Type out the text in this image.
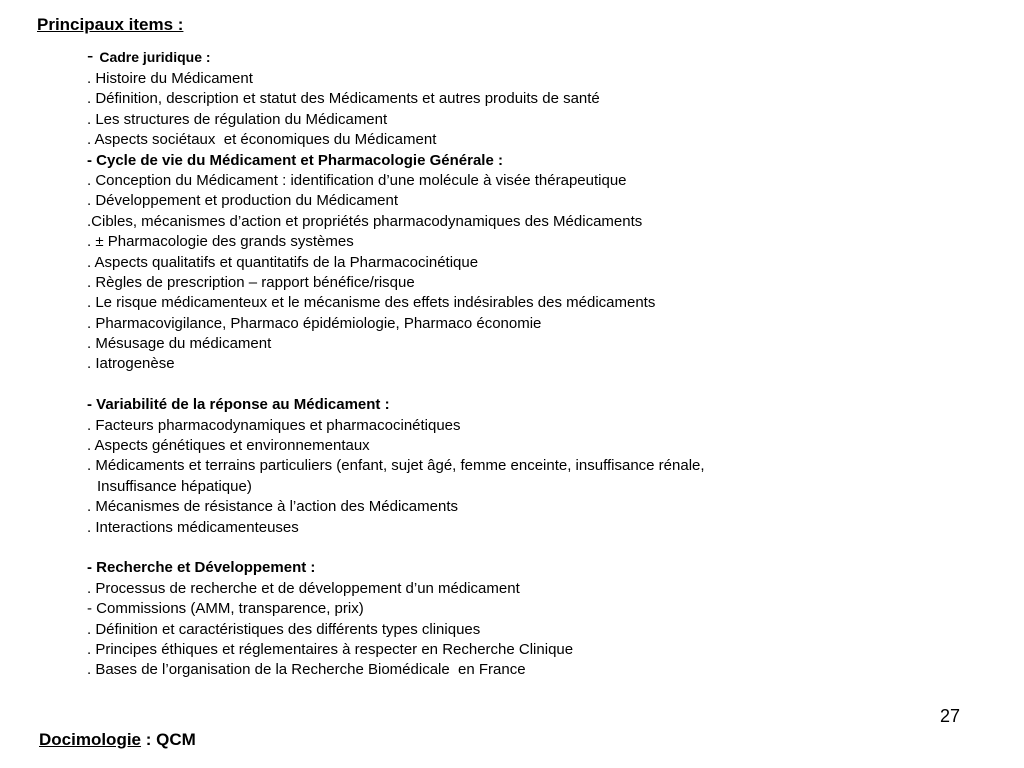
Principaux items :
- Cadre juridique :
. Histoire du Médicament
. Définition, description et statut des Médicaments et autres produits de santé
. Les structures de régulation du Médicament
. Aspects sociétaux  et économiques du Médicament
- Cycle de vie du Médicament et Pharmacologie Générale :
. Conception du Médicament : identification d’une molécule à visée thérapeutique
. Développement et production du Médicament
.Cibles, mécanismes d’action et propriétés pharmacodynamiques des Médicaments
. ± Pharmacologie des grands systèmes
. Aspects qualitatifs et quantitatifs de la Pharmacocinétique
. Règles de prescription – rapport bénéfice/risque
. Le risque médicamenteux et le mécanisme des effets indésirables des médicaments
. Pharmacovigilance, Pharmaco épidémiologie, Pharmaco économie
. Mésusage du médicament
. Iatrogenèse
- Variabilité de la réponse au Médicament :
. Facteurs pharmacodynamiques et pharmacocinétiques
. Aspects génétiques et environnementaux
. Médicaments et terrains particuliers (enfant, sujet âgé, femme enceinte, insuffisance rénale,
Insuffisance hépatique)
. Mécanismes de résistance à l’action des Médicaments
. Interactions médicamenteuses
- Recherche et Développement :
. Processus de recherche et de développement d’un médicament
- Commissions (AMM, transparence, prix)
. Définition et caractéristiques des différents types cliniques
. Principes éthiques et réglementaires à respecter en Recherche Clinique
. Bases de l’organisation de la Recherche Biomédicale  en France
27
Docimologie : QCM
